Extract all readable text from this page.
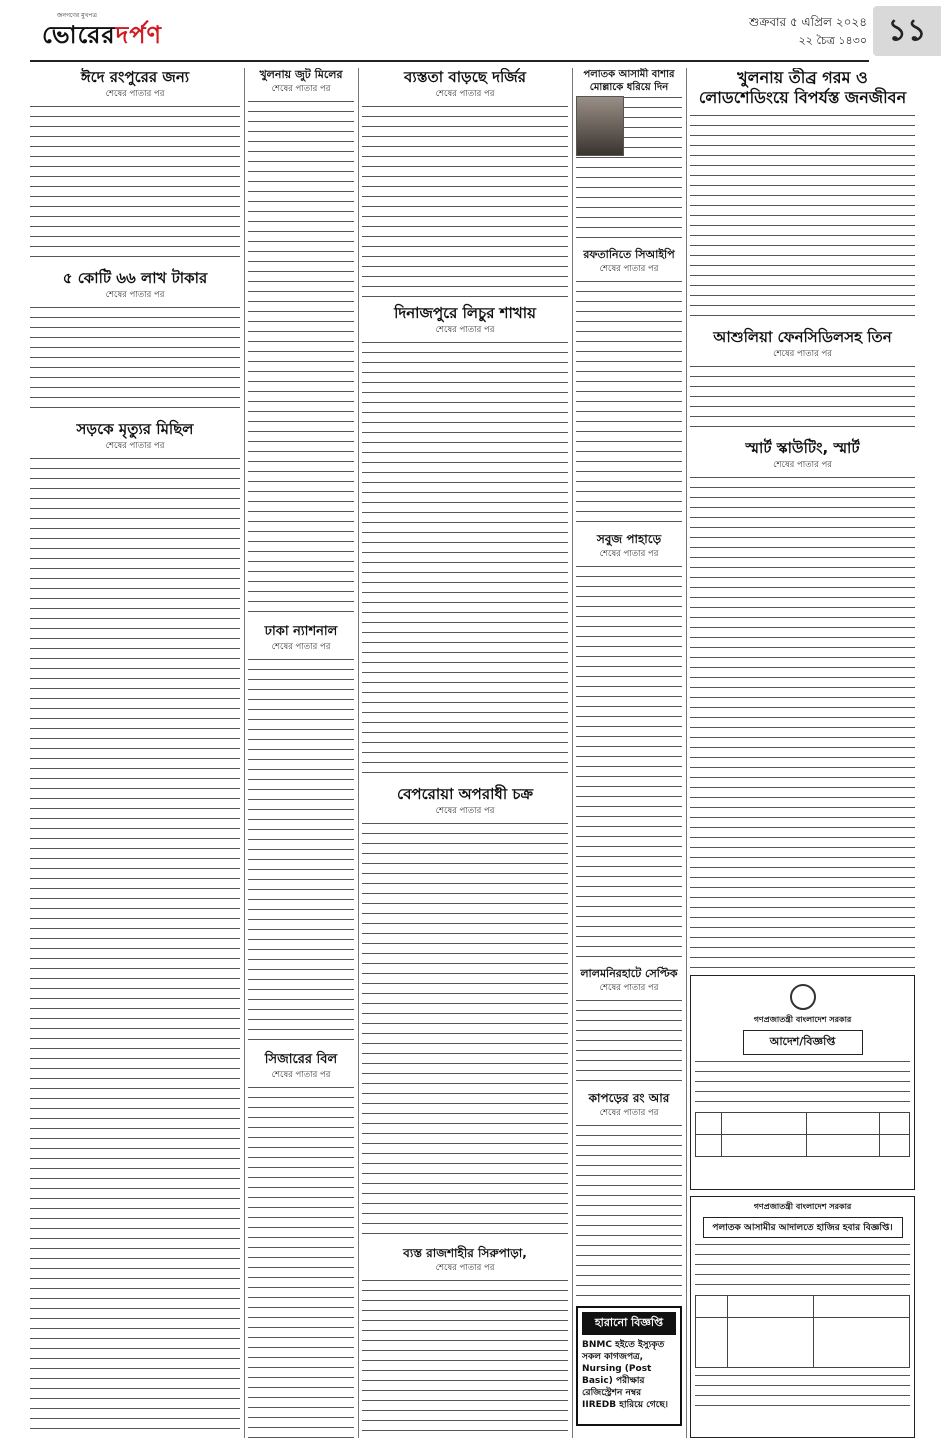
জনগণের মুখপত্র
ভোরেরদর্পণ	শুক্রবার ৫ এপ্রিল ২০২৪
২২ চৈত্র ১৪৩০ ১১
ঈদে রংপুরের জন্য
শেষের পাতার পর
৫ কোটি ৬৬ লাখ টাকার
শেষের পাতার পর
সড়কে মৃত্যুর মিছিল
শেষের পাতার পর
খুলনায় জুট মিলের
শেষের পাতার পর
ঢাকা ন্যাশনাল
শেষের পাতার পর
সিজারের বিল
শেষের পাতার পর
ব্যস্ততা বাড়ছে দর্জির
শেষের পাতার পর
দিনাজপুরে লিচুর শাখায়
শেষের পাতার পর
বেপরোয়া অপরাধী চক্র
শেষের পাতার পর
ব্যস্ত রাজশাহীর সিরুপাড়া,
শেষের পাতার পর
পলাতক আসামী বাশার মোল্লাকে ধরিয়ে দিন
রফতানিতে সিআইপি
শেষের পাতার পর
সবুজ পাহাড়ে
শেষের পাতার পর
লালমনিরহাটে সেপ্টিক
শেষের পাতার পর
কাপড়ের রং আর
শেষের পাতার পর
হারানো বিজ্ঞপ্তি
BNMC হইতে ইস্যুকৃত সকল কাগজপত্র, Nursing (Post Basic) পরীক্ষার রেজিস্ট্রেশন নম্বর IIREDB হারিয়ে গেছে।
খুলনায় তীব্র গরম ও লোডশেডিংয়ে বিপর্যস্ত জনজীবন
আশুলিয়া ফেনসিডিলসহ তিন
শেষের পাতার পর
স্মার্ট স্কাউটিং, স্মার্ট
শেষের পাতার পর
গণপ্রজাতন্ত্রী বাংলাদেশ সরকার
আদেশ/বিজ্ঞপ্তি

গণপ্রজাতন্ত্রী বাংলাদেশ সরকার
পলাতক আসামীর আদালতে হাজির হবার বিজ্ঞপ্তি।
